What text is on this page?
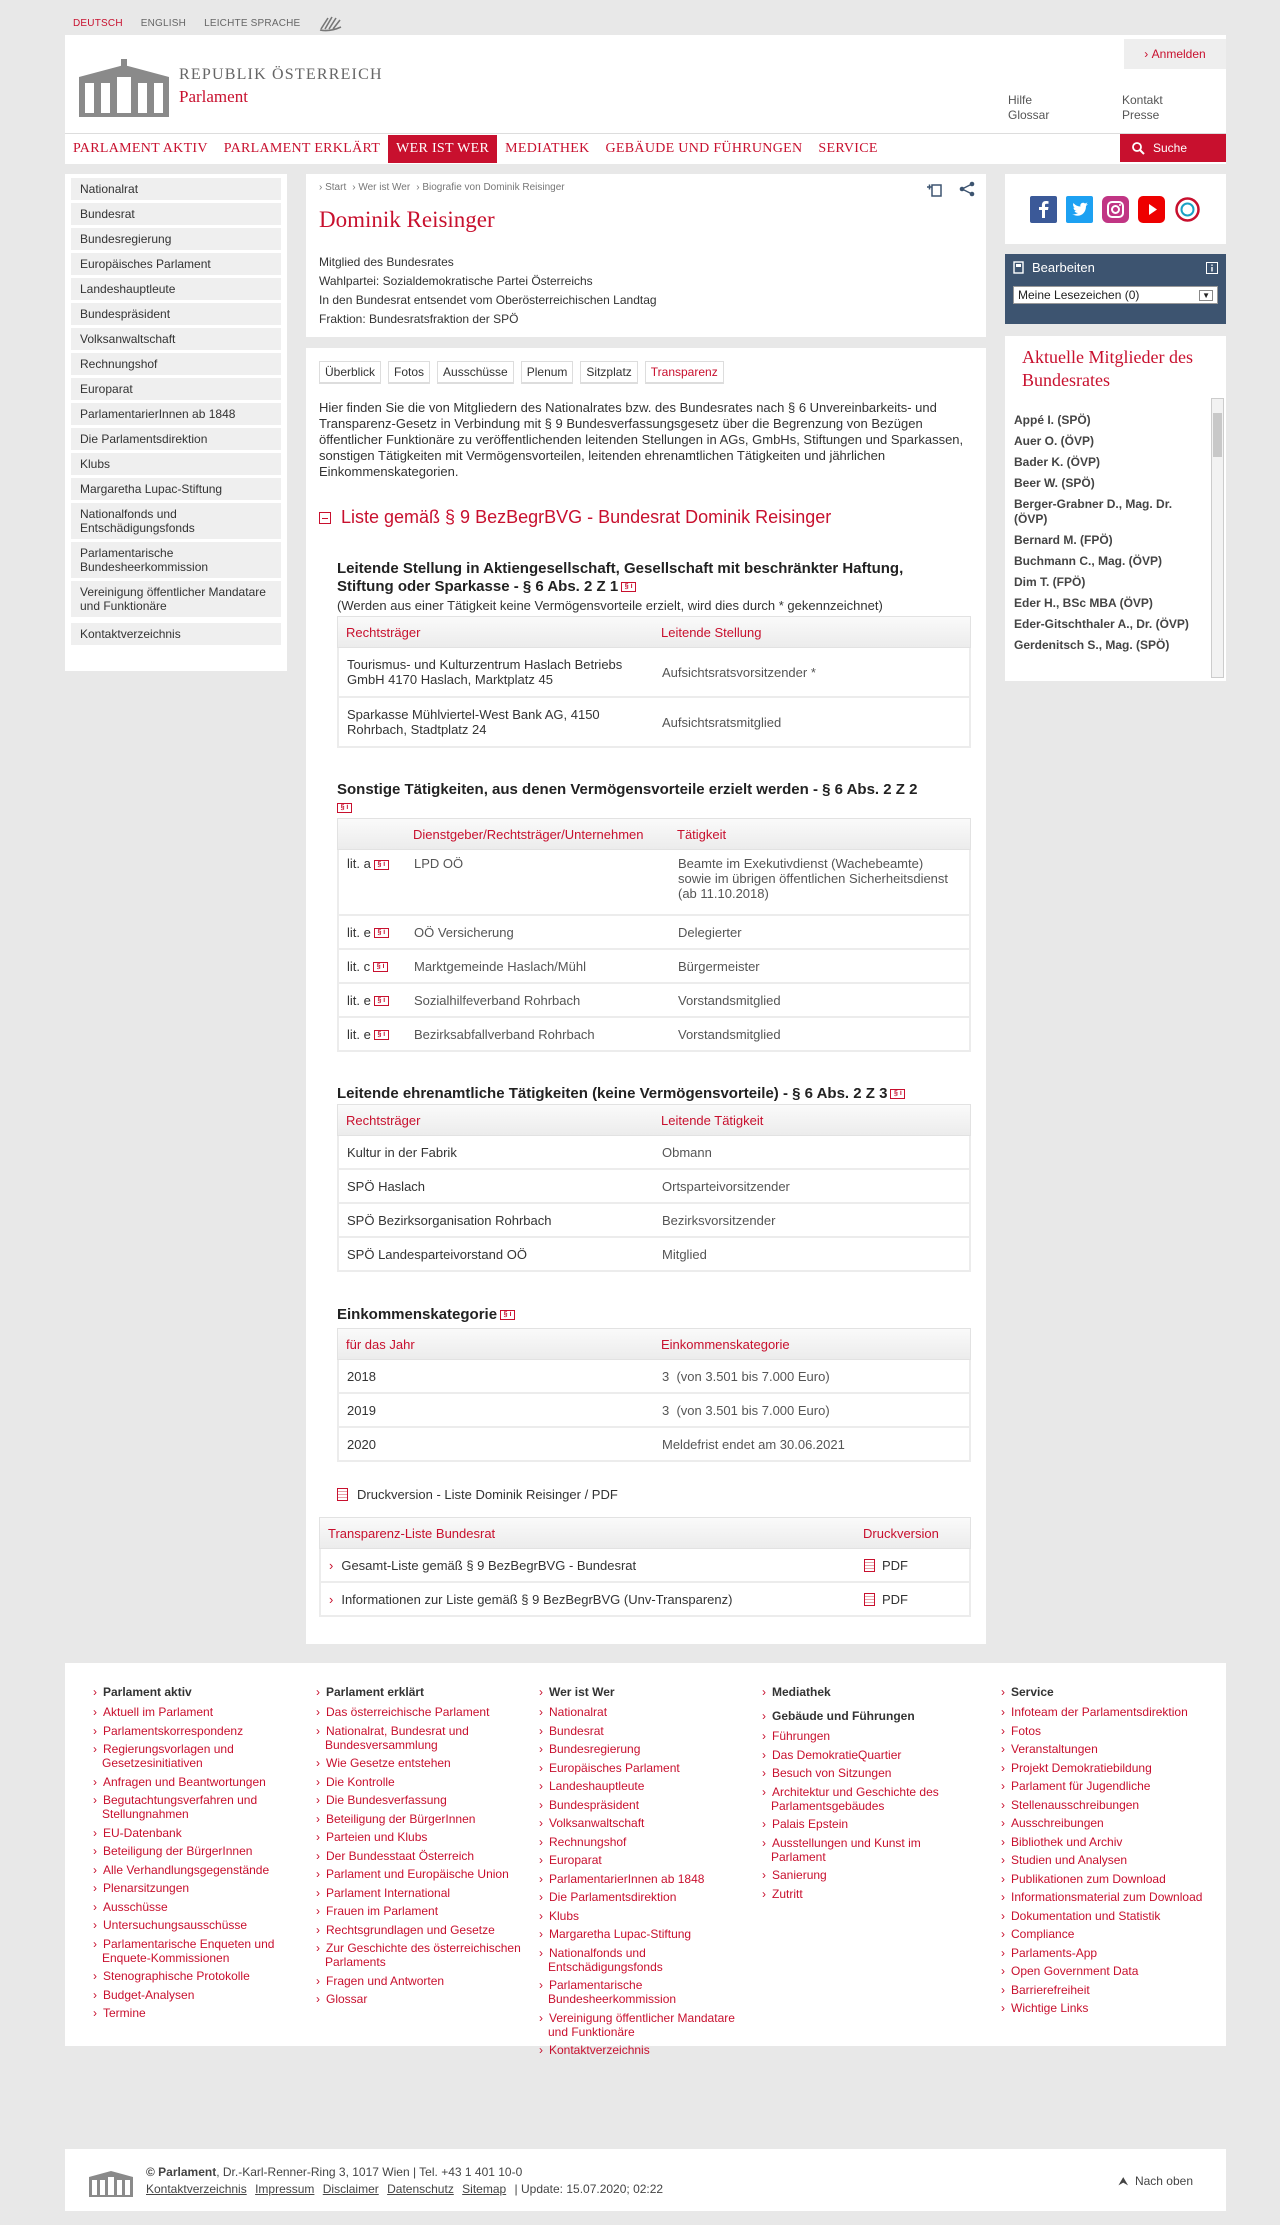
DEUTSCH ENGLISH LEICHTE SPRACHE
REPUBLIK ÖSTERREICH
Parlament
› Anmelden
Hilfe
Glossar
Kontakt
Presse
PARLAMENT AKTIV	PARLAMENT ERKLÄRT	WER IST WER	MEDIATHEK	GEBÄUDE UND FÜHRUNGEN	SERVICE	Suche
Nationalrat
Bundesrat
Bundesregierung
Europäisches Parlament
Landeshauptleute
Bundespräsident
Volksanwaltschaft
Rechnungshof
Europarat
ParlamentarierInnen ab 1848
Die Parlamentsdirektion
Klubs
Margaretha Lupac-Stiftung
Nationalfonds und Entschädigungsfonds
Parlamentarische Bundesheerkommission
Vereinigung öffentlicher Mandatare und Funktionäre
Kontaktverzeichnis
› Start	› Wer ist Wer	› Biografie von Dominik Reisinger
Dominik Reisinger
Mitglied des Bundesrates
Wahlpartei: Sozialdemokratische Partei Österreichs
In den Bundesrat entsendet vom Oberösterreichischen Landtag
Fraktion: Bundesratsfraktion der SPÖ
Überblick	Fotos	Ausschüsse	Plenum	Sitzplatz	Transparenz

Hier finden Sie die von Mitgliedern des Nationalrates bzw. des Bundesrates nach § 6 Unvereinbarkeits- und Transparenz-Gesetz in Verbindung mit § 9 Bundesverfassungsgesetz über die Begrenzung von Bezügen öffentlicher Funktionäre zu veröffentlichenden leitenden Stellungen in AGs, GmbHs, Stiftungen und Sparkassen, sonstigen Tätigkeiten mit Vermögensvorteilen, leitenden ehrenamtlichen Tätigkeiten und jährlichen Einkommenskategorien.

Liste gemäß § 9 BezBegrBVG - Bundesrat Dominik Reisinger
Leitende Stellung in Aktiengesellschaft, Gesellschaft mit beschränkter Haftung,
Stiftung oder Sparkasse - § 6 Abs. 2 Z 1 § i
(Werden aus einer Tätigkeit keine Vermögensvorteile erzielt, wird dies durch * gekennzeichnet)
Rechtsträger	Leitende Stellung
Tourismus- und Kulturzentrum Haslach Betriebs GmbH 4170 Haslach, Marktplatz 45	Aufsichtsratsvorsitzender *
Sparkasse Mühlviertel-West Bank AG, 4150 Rohrbach, Stadtplatz 24	Aufsichtsratsmitglied
Sonstige Tätigkeiten, aus denen Vermögensvorteile erzielt werden - § 6 Abs. 2 Z 2
§ i
Dienstgeber/Rechtsträger/Unternehmen	Tätigkeit
lit. a § i	LPD OÖ	Beamte im Exekutivdienst (Wachebeamte) sowie im übrigen öffentlichen Sicherheitsdienst (ab 11.10.2018)
lit. e § i	OÖ Versicherung	Delegierter
lit. c § i	Marktgemeinde Haslach/Mühl	Bürgermeister
lit. e § i	Sozialhilfeverband Rohrbach	Vorstandsmitglied
lit. e § i	Bezirksabfallverband Rohrbach	Vorstandsmitglied
Leitende ehrenamtliche Tätigkeiten (keine Vermögensvorteile) - § 6 Abs. 2 Z 3 § i
Rechtsträger	Leitende Tätigkeit
Kultur in der Fabrik	Obmann
SPÖ Haslach	Ortsparteivorsitzender
SPÖ Bezirksorganisation Rohrbach	Bezirksvorsitzender
SPÖ Landesparteivorstand OÖ	Mitglied
Einkommenskategorie § i
für das Jahr	Einkommenskategorie
2018	3  (von 3.501 bis 7.000 Euro)
2019	3  (von 3.501 bis 7.000 Euro)
2020	Meldefrist endet am 30.06.2021
Druckversion - Liste Dominik Reisinger / PDF
Transparenz-Liste Bundesrat	Druckversion
› Gesamt-Liste gemäß § 9 BezBegrBVG - Bundesrat	PDF
› Informationen zur Liste gemäß § 9 BezBegrBVG (Unv-Transparenz)	PDF
Bearbeiten
Meine Lesezeichen (0)	▼
Aktuelle Mitglieder des Bundesrates
Appé I. (SPÖ)
Auer O. (ÖVP)
Bader K. (ÖVP)
Beer W. (SPÖ)
Berger-Grabner D., Mag. Dr. (ÖVP)
Bernard M. (FPÖ)
Buchmann C., Mag. (ÖVP)
Dim T. (FPÖ)
Eder H., BSc MBA (ÖVP)
Eder-Gitschthaler A., Dr. (ÖVP)
Gerdenitsch S., Mag. (SPÖ)
› Parlament aktiv
› Aktuell im Parlament
› Parlamentskorrespondenz
› Regierungsvorlagen und Gesetzesinitiativen
› Anfragen und Beantwortungen
› Begutachtungsverfahren und Stellungnahmen
› EU-Datenbank
› Beteiligung der BürgerInnen
› Alle Verhandlungsgegenstände
› Plenarsitzungen
› Ausschüsse
› Untersuchungsausschüsse
› Parlamentarische Enqueten und Enquete-Kommissionen
› Stenographische Protokolle
› Budget-Analysen
› Termine
› Parlament erklärt
› Das österreichische Parlament
› Nationalrat, Bundesrat und Bundesversammlung
› Wie Gesetze entstehen
› Die Kontrolle
› Die Bundesverfassung
› Beteiligung der BürgerInnen
› Parteien und Klubs
› Der Bundesstaat Österreich
› Parlament und Europäische Union
› Parlament International
› Frauen im Parlament
› Rechtsgrundlagen und Gesetze
› Zur Geschichte des österreichischen Parlaments
› Fragen und Antworten
› Glossar
› Wer ist Wer
› Nationalrat
› Bundesrat
› Bundesregierung
› Europäisches Parlament
› Landeshauptleute
› Bundespräsident
› Volksanwaltschaft
› Rechnungshof
› Europarat
› ParlamentarierInnen ab 1848
› Die Parlamentsdirektion
› Klubs
› Margaretha Lupac-Stiftung
› Nationalfonds und Entschädigungsfonds
› Parlamentarische Bundesheerkommission
› Vereinigung öffentlicher Mandatare und Funktionäre
› Kontaktverzeichnis
› Mediathek
› Gebäude und Führungen
› Führungen
› Das DemokratieQuartier
› Besuch von Sitzungen
› Architektur und Geschichte des Parlamentsgebäudes
› Palais Epstein
› Ausstellungen und Kunst im Parlament
› Sanierung
› Zutritt
› Service
› Infoteam der Parlamentsdirektion
› Fotos
› Veranstaltungen
› Projekt Demokratiebildung
› Parlament für Jugendliche
› Stellenausschreibungen
› Ausschreibungen
› Bibliothek und Archiv
› Studien und Analysen
› Publikationen zum Download
› Informationsmaterial zum Download
› Dokumentation und Statistik
› Compliance
› Parlaments-App
› Open Government Data
› Barrierefreiheit
› Wichtige Links
© Parlament, Dr.-Karl-Renner-Ring 3, 1017 Wien | Tel. +43 1 401 10-0
Kontaktverzeichnis Impressum Disclaimer Datenschutz Sitemap | Update: 15.07.2020; 02:22
⮝ Nach oben
